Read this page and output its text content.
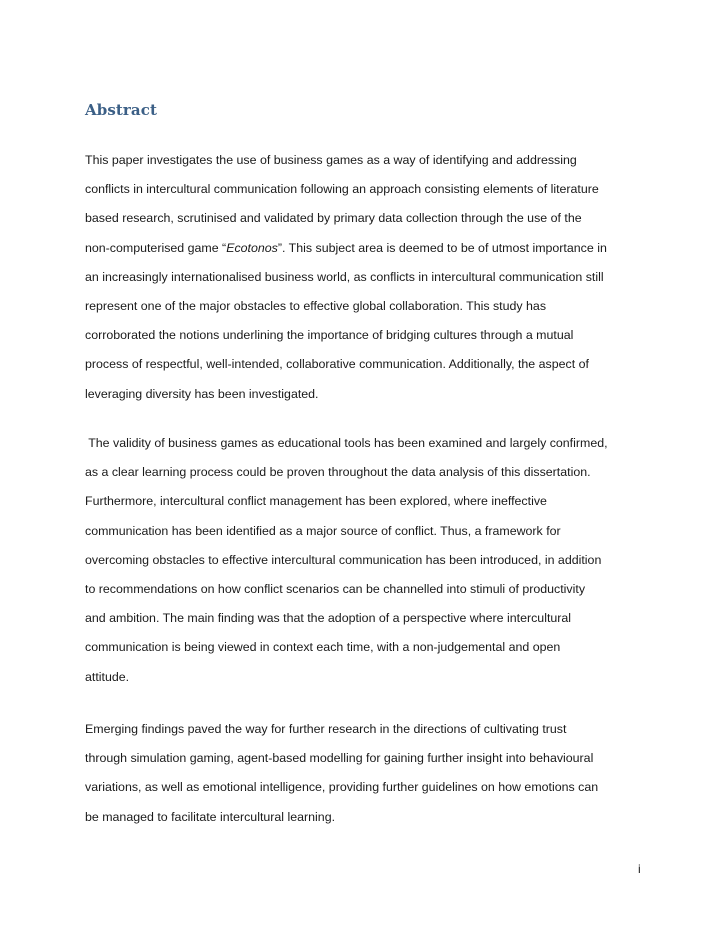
Abstract
This paper investigates the use of business games as a way of identifying and addressing
conflicts in intercultural communication following an approach consisting elements of literature
based research, scrutinised and validated by primary data collection through the use of the
non-computerised game “Ecotonos”. This subject area is deemed to be of utmost importance in
an increasingly internationalised business world, as conflicts in intercultural communication still
represent one of the major obstacles to effective global collaboration. This study has
corroborated the notions underlining the importance of bridging cultures through a mutual
process of respectful, well-intended, collaborative communication. Additionally, the aspect of
leveraging diversity has been investigated.
The validity of business games as educational tools has been examined and largely confirmed,
as a clear learning process could be proven throughout the data analysis of this dissertation.
Furthermore, intercultural conflict management has been explored, where ineffective
communication has been identified as a major source of conflict. Thus, a framework for
overcoming obstacles to effective intercultural communication has been introduced, in addition
to recommendations on how conflict scenarios can be channelled into stimuli of productivity
and ambition. The main finding was that the adoption of a perspective where intercultural
communication is being viewed in context each time, with a non-judgemental and open
attitude.
Emerging findings paved the way for further research in the directions of cultivating trust
through simulation gaming, agent-based modelling for gaining further insight into behavioural
variations, as well as emotional intelligence, providing further guidelines on how emotions can
be managed to facilitate intercultural learning.
i
